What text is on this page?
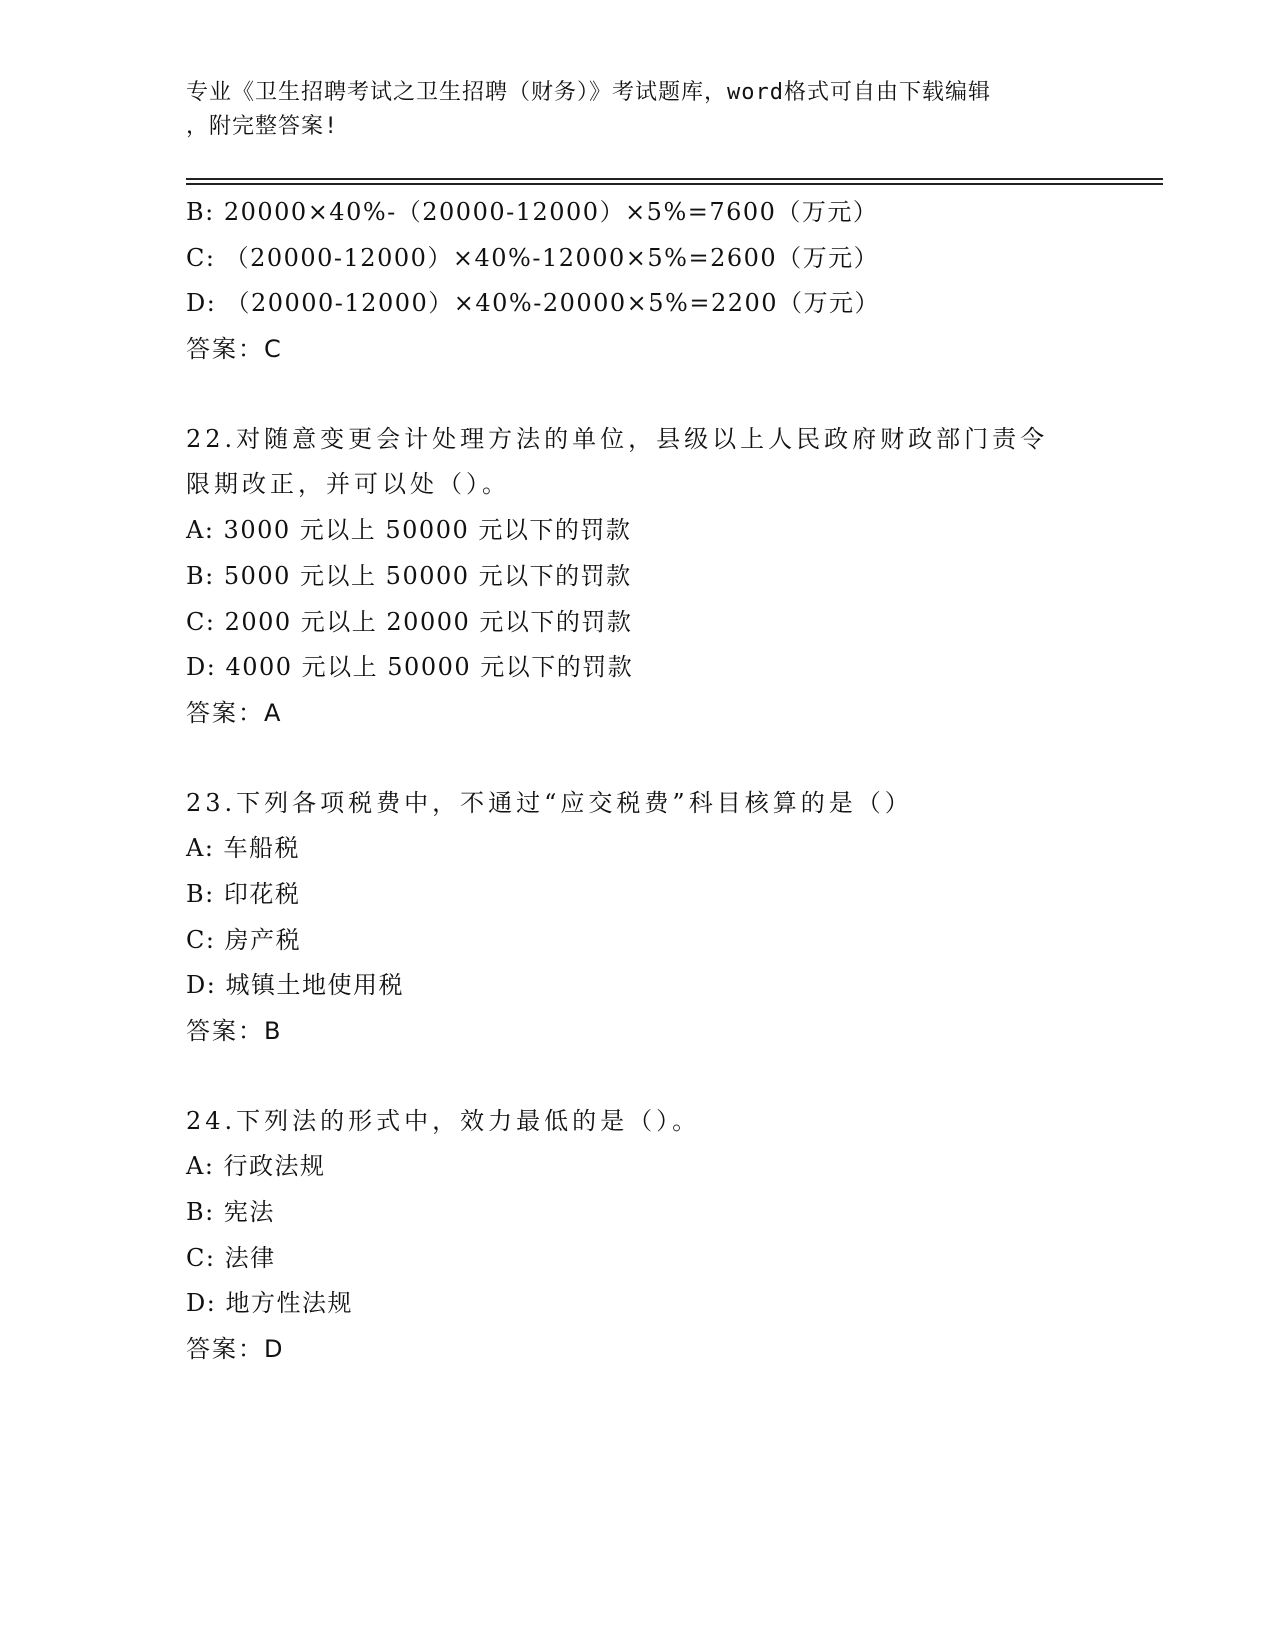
专业《卫生招聘考试之卫生招聘（财务）》考试题库，word格式可自由下载编辑
，附完整答案!
B: 20000×40%-（20000-12000）×5%=7600（万元）
C: （20000-12000）×40%-12000×5%=2600（万元）
D: （20000-12000）×40%-20000×5%=2200（万元）
答案：C
22.对随意变更会计处理方法的单位，县级以上人民政府财政部门责令
限期改正，并可以处（）。
A: 3000 元以上 50000 元以下的罚款
B: 5000 元以上 50000 元以下的罚款
C: 2000 元以上 20000 元以下的罚款
D: 4000 元以上 50000 元以下的罚款
答案：A
23.下列各项税费中，不通过“应交税费”科目核算的是（）
A: 车船税
B: 印花税
C: 房产税
D: 城镇土地使用税
答案：B
24.下列法的形式中，效力最低的是（）。
A: 行政法规
B: 宪法
C: 法律
D: 地方性法规
答案：D
